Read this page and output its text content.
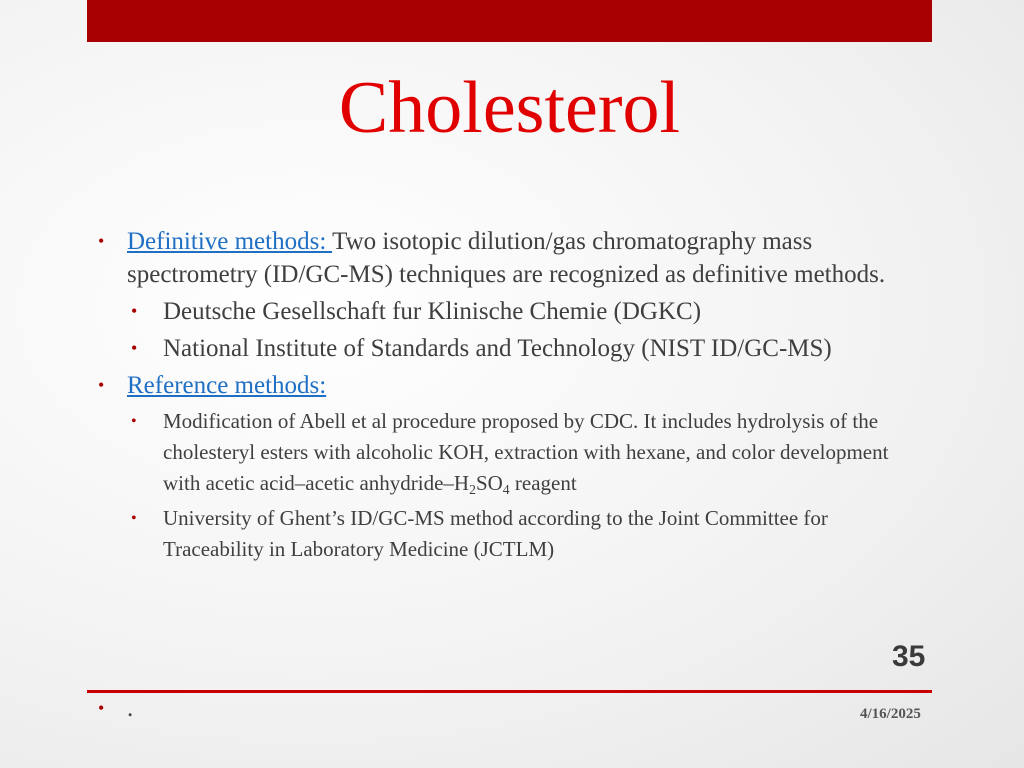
Cholesterol
• Definitive methods: Two isotopic dilution/gas chromatography mass spectrometry (ID/GC-MS) techniques are recognized as definitive methods.
• Deutsche Gesellschaft fur Klinische Chemie (DGKC)
• National Institute of Standards and Technology (NIST ID/GC-MS)
• Reference methods:
• Modification of Abell et al procedure proposed by CDC. It includes hydrolysis of the cholesteryl esters with alcoholic KOH, extraction with hexane, and color development with acetic acid–acetic anhydride–$H_2SO_4$ reagent
• University of Ghent’s ID/GC-MS method according to the Joint Committee for Traceability in Laboratory Medicine (JCTLM)
35
• .	4/16/2025
